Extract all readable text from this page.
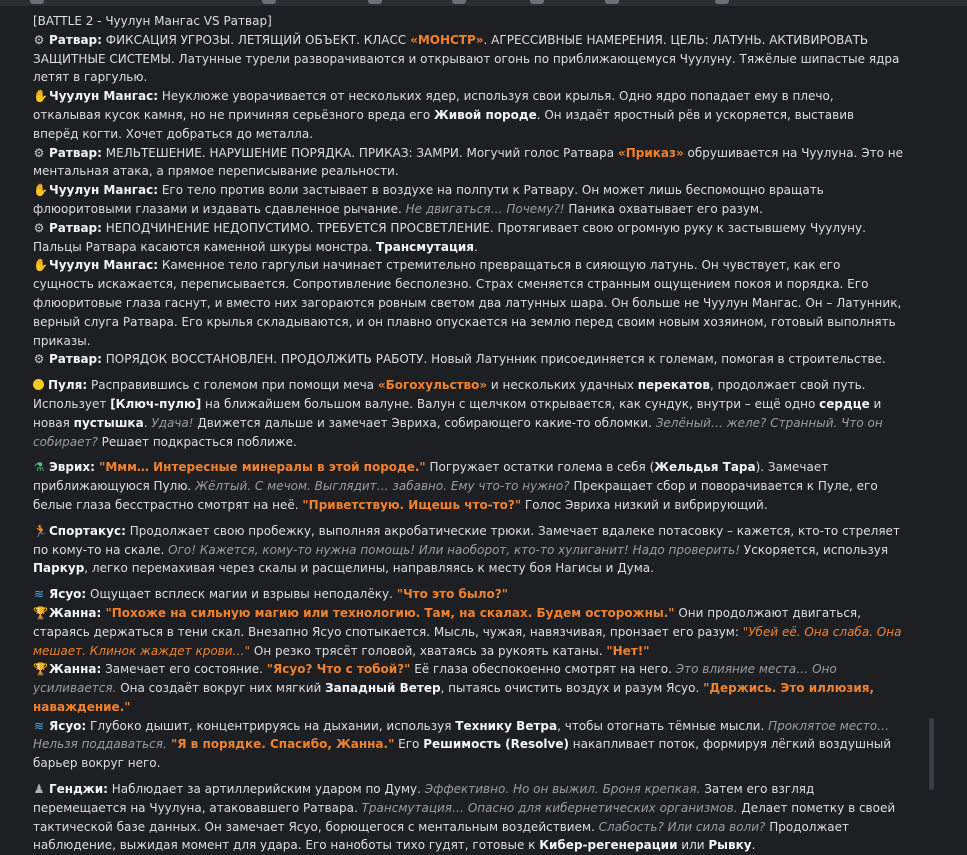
[BATTLE 2 - Чуулун Мангас VS Ратвар]

⚙ Ратвар: ФИКСАЦИЯ УГРОЗЫ. ЛЕТЯЩИЙ ОБЪЕКТ. КЛАСС «МОНСТР». АГРЕССИВНЫЕ НАМЕРЕНИЯ. ЦЕЛЬ: ЛАТУНЬ. АКТИВИРОВАТЬ ЗАЩИТНЫЕ СИСТЕМЫ. Латунные турели разворачиваются и открывают огонь по приближающемуся Чуулуну. Тяжёлые шипастые ядра летят в гаргулью.

✋Чуулун Мангас: Неуклюже уворачивается от нескольких ядер, используя свои крылья. Одно ядро попадает ему в плечо, откалывая кусок камня, но не причиняя серьёзного вреда его Живой породе. Он издаёт яростный рёв и ускоряется, выставив вперёд когти. Хочет добраться до металла.

⚙ Ратвар: МЕЛЬТЕШЕНИЕ. НАРУШЕНИЕ ПОРЯДКА. ПРИКАЗ: ЗАМРИ. Могучий голос Ратвара «Приказ» обрушивается на Чуулуна. Это не ментальная атака, а прямое переписывание реальности.

✋Чуулун Мангас: Его тело против воли застывает в воздухе на полпути к Ратвару. Он может лишь беспомощно вращать флюоритовыми глазами и издавать сдавленное рычание. Не двигаться… Почему?! Паника охватывает его разум.

⚙ Ратвар: НЕПОДЧИНЕНИЕ НЕДОПУСТИМО. ТРЕБУЕТСЯ ПРОСВЕТЛЕНИЕ. Протягивает свою огромную руку к застывшему Чуулуну. Пальцы Ратвара касаются каменной шкуры монстра. Трансмутация.

✋Чуулун Мангас: Каменное тело гаргульи начинает стремительно превращаться в сияющую латунь. Он чувствует, как его сущность искажается, переписывается. Сопротивление бесполезно. Страх сменяется странным ощущением покоя и порядка. Его флюоритовые глаза гаснут, и вместо них загораются ровным светом два латунных шара. Он больше не Чуулун Мангас. Он – Латунник, верный слуга Ратвара. Его крылья складываются, и он плавно опускается на землю перед своим новым хозяином, готовый выполнять приказы.

⚙ Ратвар: ПОРЯДОК ВОССТАНОВЛЕН. ПРОДОЛЖИТЬ РАБОТУ. Новый Латунник присоединяется к големам, помогая в строительстве.

Пуля: Расправившись с големом при помощи меча «Богохульство» и нескольких удачных перекатов, продолжает свой путь. Использует [Ключ-пулю] на ближайшем большом валуне. Валун с щелчком открывается, как сундук, внутри – ещё одно сердце и новая пустышка. Удача! Движется дальше и замечает Эвриха, собирающего какие-то обломки. Зелёный… желе? Странный. Что он собирает? Решает подкрасться поближе.

⚗ Эврих: "Ммм… Интересные минералы в этой породе." Погружает остатки голема в себя (Жельдья Тара). Замечает приближающуюся Пулю. Жёлтый. С мечом. Выглядит… забавно. Ему что-то нужно? Прекращает сбор и поворачивается к Пуле, его белые глаза бесстрастно смотрят на неё. "Приветствую. Ищешь что-то?" Голос Эвриха низкий и вибрирующий.

🏃Спортакус: Продолжает свою пробежку, выполняя акробатические трюки. Замечает вдалеке потасовку – кажется, кто-то стреляет по кому-то на скале. Ого! Кажется, кому-то нужна помощь! Или наоборот, кто-то хулиганит! Надо проверить! Ускоряется, используя Паркур, легко перемахивая через скалы и расщелины, направляясь к месту боя Нагисы и Дума.

≋ Ясуо: Ощущает всплеск магии и взрывы неподалёку. "Что это было?"

🏆Жанна: "Похоже на сильную магию или технологию. Там, на скалах. Будем осторожны." Они продолжают двигаться, стараясь держаться в тени скал. Внезапно Ясуо спотыкается. Мысль, чужая, навязчивая, пронзает его разум: "Убей её. Она слаба. Она мешает. Клинок жаждет крови…" Он резко трясёт головой, хватаясь за рукоять катаны. "Нет!"

🏆Жанна: Замечает его состояние. "Ясуо? Что с тобой?" Её глаза обеспокоенно смотрят на него. Это влияние места… Оно усиливается. Она создаёт вокруг них мягкий Западный Ветер, пытаясь очистить воздух и разум Ясуо. "Держись. Это иллюзия, наваждение."

≋ Ясуо: Глубоко дышит, концентрируясь на дыхании, используя Технику Ветра, чтобы отогнать тёмные мысли. Проклятое место… Нельзя поддаваться. "Я в порядке. Спасибо, Жанна." Его Решимость (Resolve) накапливает поток, формируя лёгкий воздушный барьер вокруг него.

♟ Генджи: Наблюдает за артиллерийским ударом по Думу. Эффективно. Но он выжил. Броня крепкая. Затем его взгляд перемещается на Чуулуна, атаковавшего Ратвара. Трансмутация… Опасно для кибернетических организмов. Делает пометку в своей тактической базе данных. Он замечает Ясуо, борющегося с ментальным воздействием. Слабость? Или сила воли? Продолжает наблюдение, выжидая момент для удара. Его наноботы тихо гудят, готовые к Кибер-регенерации или Рывку.
